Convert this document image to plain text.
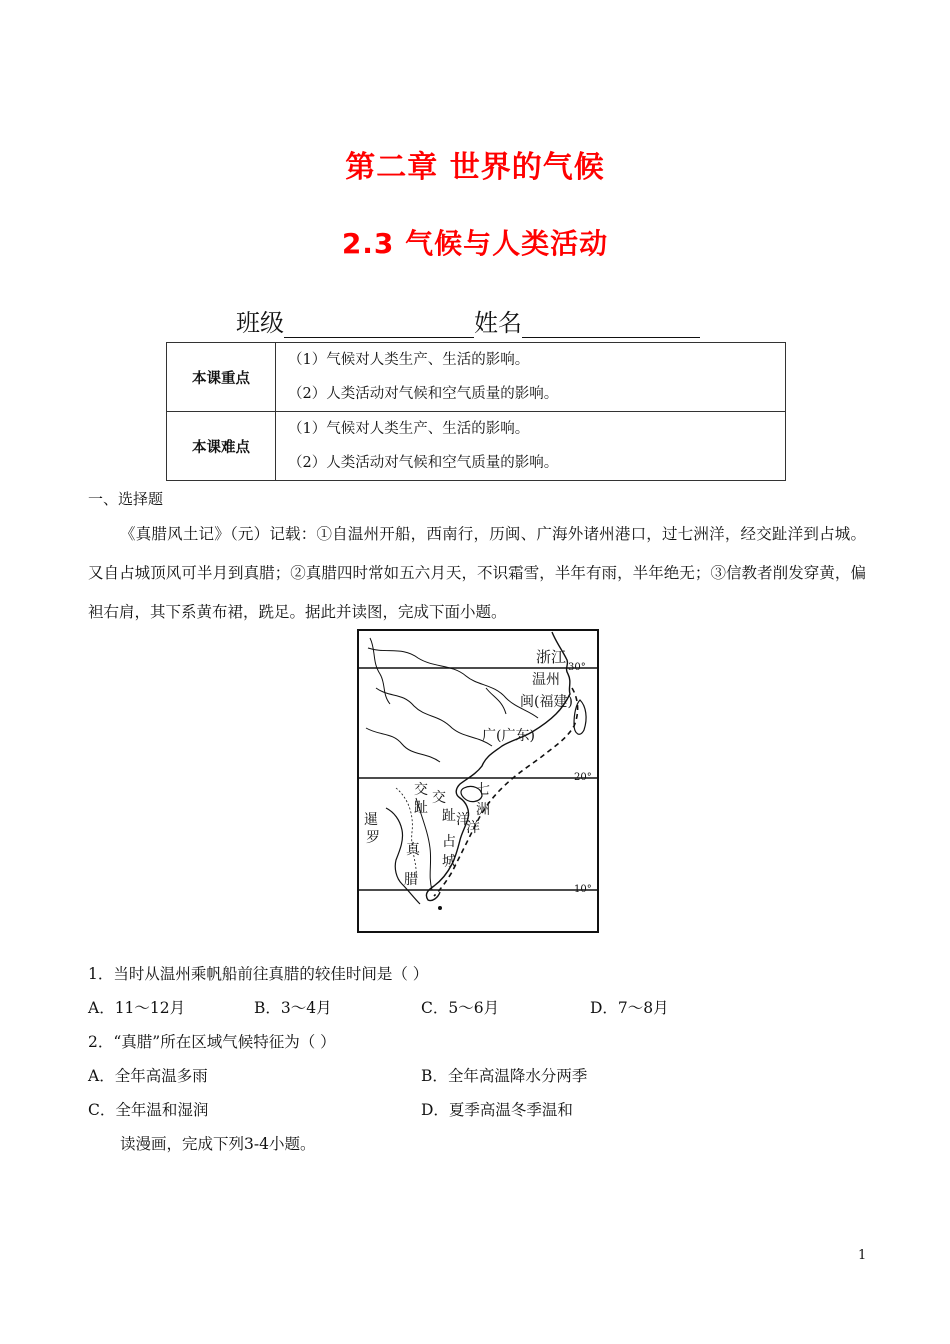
第二章 世界的气候
2.3 气候与人类活动
班级	姓名
本课重点	（1）气候对人类生产、生活的影响。
（2）人类活动对气候和空气质量的影响。

本课难点	（1）气候对人类生产、生活的影响。
（2）人类活动对气候和空气质量的影响。
一、选择题
《真腊风土记》（元）记载：①自温州开船，西南行，历闽、广海外诸州港口，过七洲洋，经交趾洋到占城。又自占城顶风可半月到真腊；②真腊四时常如五六月天，不识霜雪，半年有雨，半年绝无；③信教者削发穿黄，偏袒右肩，其下系黄布裙，跣足。据此并读图，完成下面小题。
浙江
30°
温州
闽(福建)
广(广东)
20°
交
趾
交
趾 洋
七
洲
洋
暹
罗
真
腊
占
城
10°
1．当时从温州乘帆船前往真腊的较佳时间是（ ）
A．11～12月	B．3～4月	C．5～6月	D．7～8月
2．“真腊”所在区域气候特征为（ ）
A．全年高温多雨	B．全年高温降水分两季
C．全年温和湿润	D．夏季高温冬季温和
读漫画，完成下列3-4小题。
1
